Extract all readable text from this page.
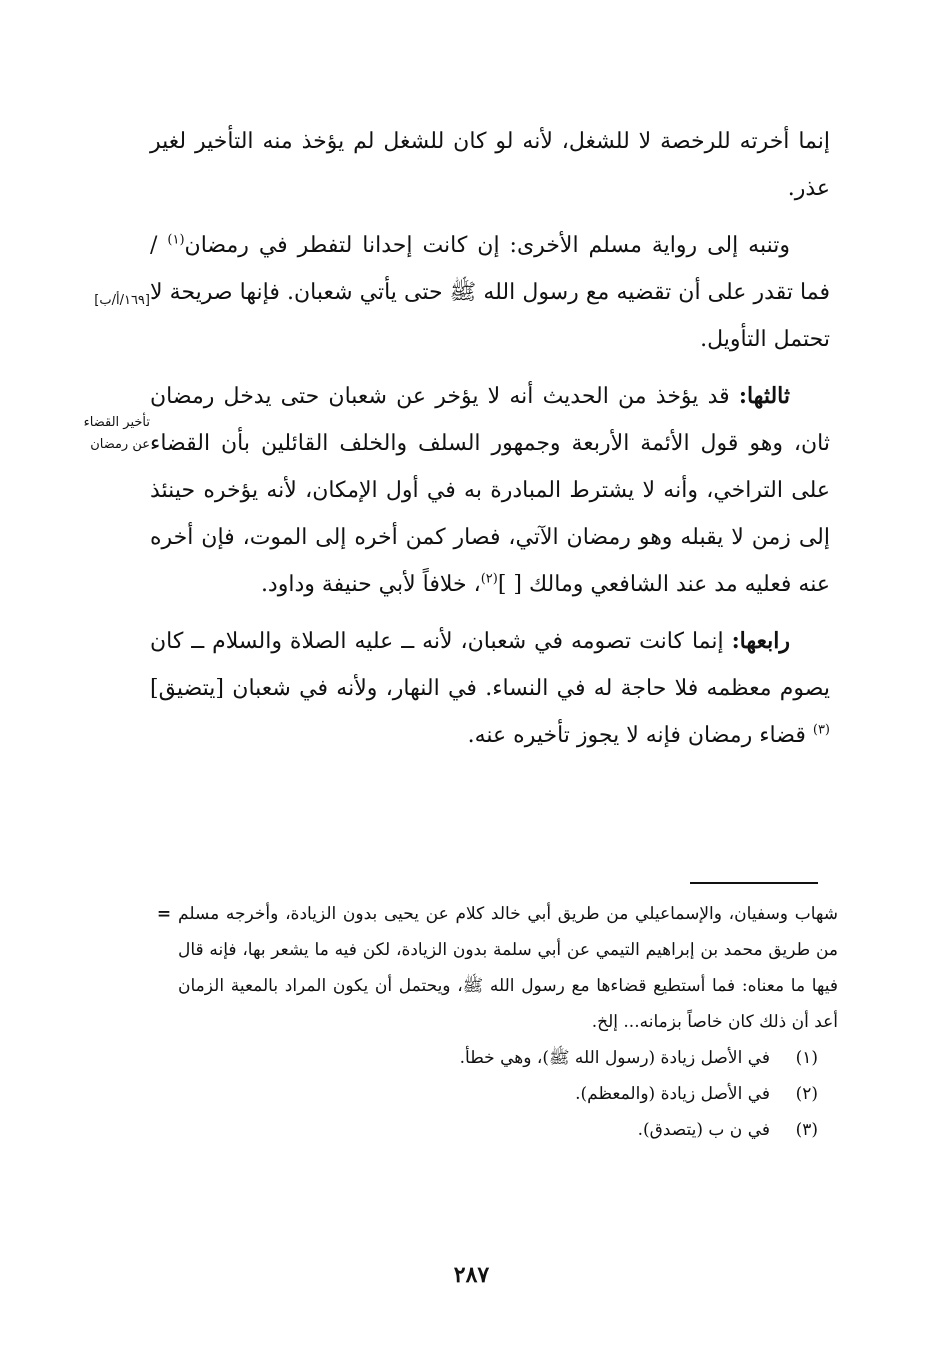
إنما أخرته للرخصة لا للشغل، لأنه لو كان للشغل لم يؤخذ منه التأخير لغير عذر.

وتنبه إلى رواية مسلم الأخرى: إن كانت إحدانا لتفطر في رمضان$^{(١)}$ / فما تقدر على أن تقضيه مع رسول الله ﷺ حتى يأتي شعبان. فإنها صريحة لا تحتمل التأويل.

ثالثها: قد يؤخذ من الحديث أنه لا يؤخر عن شعبان حتى يدخل رمضان ثان، وهو قول الأئمة الأربعة وجمهور السلف والخلف القائلين بأن القضاء على التراخي، وأنه لا يشترط المبادرة به في أول الإمكان، لأنه يؤخره حينئذ إلى زمن لا يقبله وهو رمضان الآتي، فصار كمن أخره إلى الموت، فإن أخره عنه فعليه مد عند الشافعي ومالك [ ]$^{(٢)}$، خلافاً لأبي حنيفة وداود.

رابعها: إنما كانت تصومه في شعبان، لأنه ــ عليه الصلاة والسلام ــ كان يصوم معظمه فلا حاجة له في النساء. في النهار، ولأنه في شعبان [يتضيق]$^{(٣)}$ قضاء رمضان فإنه لا يجوز تأخيره عنه.

[١٦٩/أ/ب]
تأخير القضاء
عن رمضان
شهاب وسفيان، والإسماعيلي من طريق أبي خالد كلام عن يحيى بدون الزيادة، وأخرجه مسلم من طريق محمد بن إبراهيم التيمي عن أبي سلمة بدون الزيادة، لكن فيه ما يشعر بها، فإنه قال فيها ما معناه: فما أستطيع قضاءها مع رسول الله ﷺ، ويحتمل أن يكون المراد بالمعية الزمان أعد أن ذلك كان خاصاً بزمانه... إلخ.
=
(١)
في الأصل زيادة (رسول الله ﷺ)، وهي خطأ.
(٢)
في الأصل زيادة (والمعظم).
(٣)
في ن ب (يتصدق).
٢٨٧
